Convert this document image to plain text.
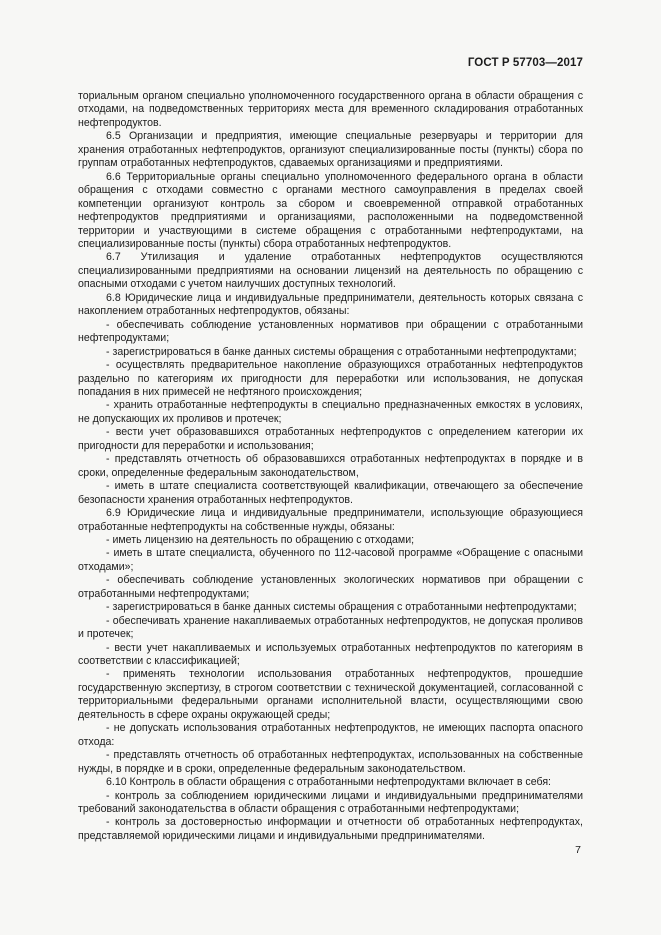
ГОСТ Р 57703—2017

ториальным органом специально уполномоченного государственного органа в области обращения с отходами, на подведомственных территориях места для временного складирования отработанных нефтепродуктов.

6.5 Организации и предприятия, имеющие специальные резервуары и территории для хранения отработанных нефтепродуктов, организуют специализированные посты (пункты) сбора по группам отработанных нефтепродуктов, сдаваемых организациями и предприятиями.

6.6 Территориальные органы специально уполномоченного федерального органа в области обращения с отходами совместно с органами местного самоуправления в пределах своей компетенции организуют контроль за сбором и своевременной отправкой отработанных нефтепродуктов предприятиями и организациями, расположенными на подведомственной территории и участвующими в системе обращения с отработанными нефтепродуктами, на специализированные посты (пункты) сбора отработанных нефтепродуктов.

6.7 Утилизация и удаление отработанных нефтепродуктов осуществляются специализированными предприятиями на основании лицензий на деятельность по обращению с опасными отходами с учетом наилучших доступных технологий.

6.8 Юридические лица и индивидуальные предприниматели, деятельность которых связана с накоплением отработанных нефтепродуктов, обязаны:

- обеспечивать соблюдение установленных нормативов при обращении с отработанными нефтепродуктами;

- зарегистрироваться в банке данных системы обращения с отработанными нефтепродуктами;

- осуществлять предварительное накопление образующихся отработанных нефтепродуктов раздельно по категориям их пригодности для переработки или использования, не допуская попадания в них примесей не нефтяного происхождения;

- хранить отработанные нефтепродукты в специально предназначенных емкостях в условиях, не допускающих их проливов и протечек;

- вести учет образовавшихся отработанных нефтепродуктов с определением категории их пригодности для переработки и использования;

- представлять отчетность об образовавшихся отработанных нефтепродуктах в порядке и в сроки, определенные федеральным законодательством,

- иметь в штате специалиста соответствующей квалификации, отвечающего за обеспечение безопасности хранения отработанных нефтепродуктов.

6.9 Юридические лица и индивидуальные предприниматели, использующие образующиеся отработанные нефтепродукты на собственные нужды, обязаны:

- иметь лицензию на деятельность по обращению с отходами;

- иметь в штате специалиста, обученного по 112-часовой программе «Обращение с опасными отходами»;

- обеспечивать соблюдение установленных экологических нормативов при обращении с отработанными нефтепродуктами;

- зарегистрироваться в банке данных системы обращения с отработанными нефтепродуктами;

- обеспечивать хранение накапливаемых отработанных нефтепродуктов, не допуская проливов и протечек;

- вести учет накапливаемых и используемых отработанных нефтепродуктов по категориям в соответствии с классификацией;

- применять технологии использования отработанных нефтепродуктов, прошедшие государственную экспертизу, в строгом соответствии с технической документацией, согласованной с территориальными федеральными органами исполнительной власти, осуществляющими свою деятельность в сфере охраны окружающей среды;

- не допускать использования отработанных нефтепродуктов, не имеющих паспорта опасного отхода:

- представлять отчетность об отработанных нефтепродуктах, использованных на собственные нужды, в порядке и в сроки, определенные федеральным законодательством.

6.10 Контроль в области обращения с отработанными нефтепродуктами включает в себя:

- контроль за соблюдением юридическими лицами и индивидуальными предпринимателями требований законодательства в области обращения с отработанными нефтепродуктами;

- контроль за достоверностью информации и отчетности об отработанных нефтепродуктах, представляемой юридическими лицами и индивидуальными предпринимателями.

7
